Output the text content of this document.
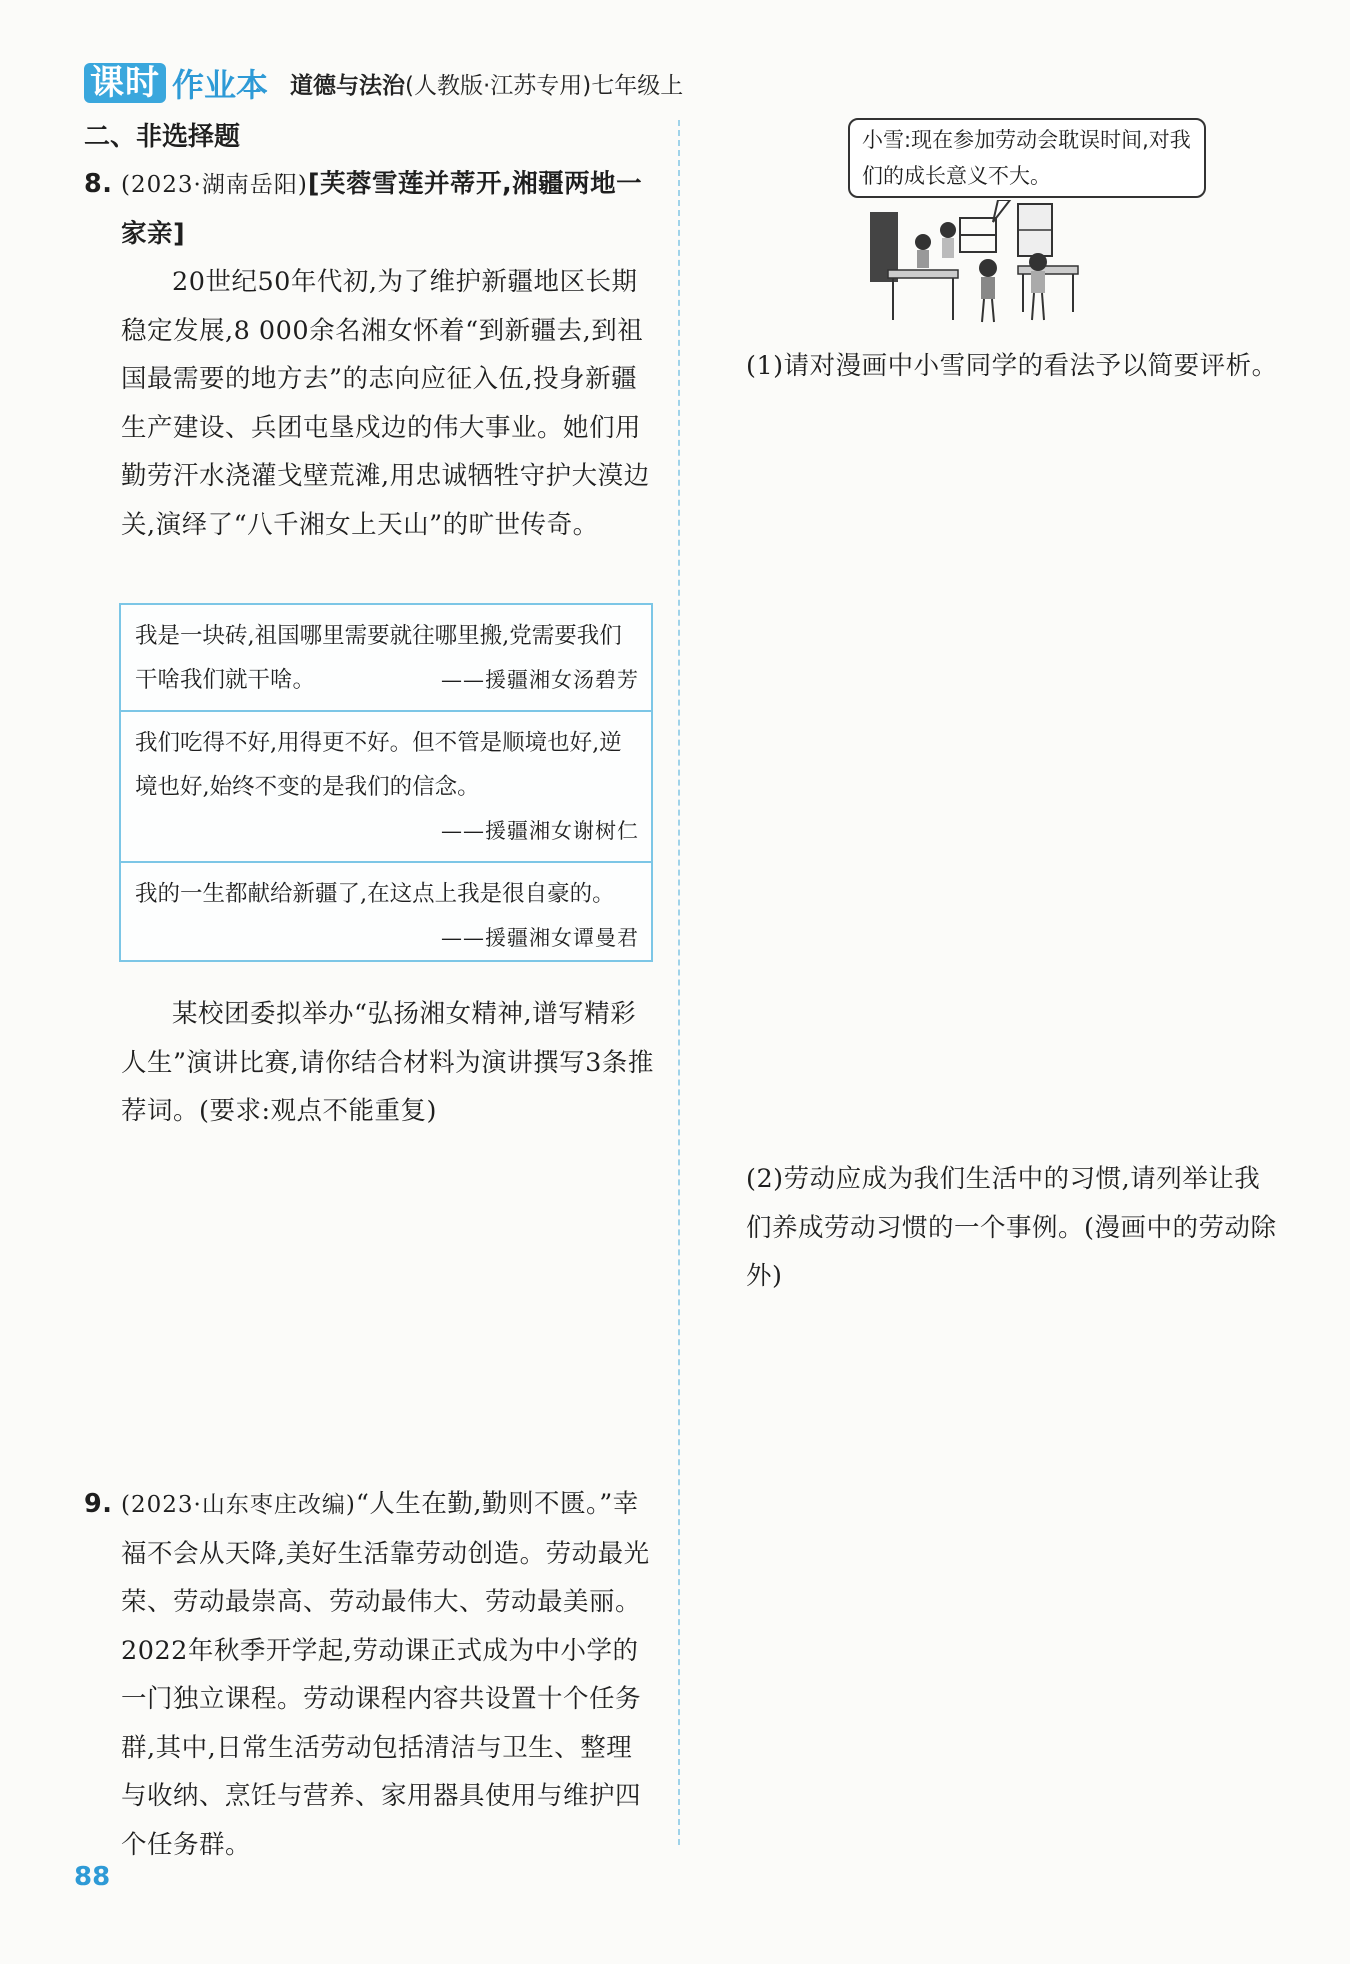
课时 作业本 道德与法治(人教版·江苏专用)七年级上
二、非选择题
8. (2023·湖南岳阳)[芙蓉雪莲并蒂开,湘疆两地一家亲]
20世纪50年代初,为了维护新疆地区长期稳定发展,8 000余名湘女怀着“到新疆去,到祖国最需要的地方去”的志向应征入伍,投身新疆生产建设、兵团屯垦戍边的伟大事业。她们用勤劳汗水浇灌戈壁荒滩,用忠诚牺牲守护大漠边关,演绎了“八千湘女上天山”的旷世传奇。
我是一块砖,祖国哪里需要就往哪里搬,党需要我们干啥我们就干啥。	——援疆湘女汤碧芳
我们吃得不好,用得更不好。但不管是顺境也好,逆境也好,始终不变的是我们的信念。
——援疆湘女谢树仁
我的一生都献给新疆了,在这点上我是很自豪的。
——援疆湘女谭曼君
某校团委拟举办“弘扬湘女精神,谱写精彩人生”演讲比赛,请你结合材料为演讲撰写3条推荐词。(要求:观点不能重复)
9. (2023·山东枣庄改编)“人生在勤,勤则不匮。”幸福不会从天降,美好生活靠劳动创造。劳动最光荣、劳动最崇高、劳动最伟大、劳动最美丽。2022年秋季开学起,劳动课正式成为中小学的一门独立课程。劳动课程内容共设置十个任务群,其中,日常生活劳动包括清洁与卫生、整理与收纳、烹饪与营养、家用器具使用与维护四个任务群。
小雪:现在参加劳动会耽误时间,对我们的成长意义不大。
(1)请对漫画中小雪同学的看法予以简要评析。
(2)劳动应成为我们生活中的习惯,请列举让我们养成劳动习惯的一个事例。(漫画中的劳动除外)
88
